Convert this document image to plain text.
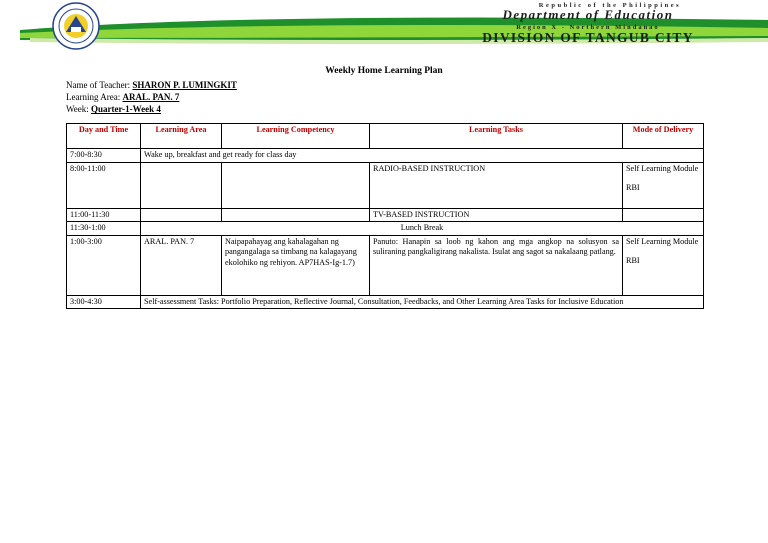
Republic of the Philippines
Department of Education
Region X - Northern Mindanao
DIVISION OF TANGUB CITY
Weekly Home Learning Plan
Name of Teacher: SHARON P. LUMINGKIT
Learning Area: ARAL. PAN. 7
Week: Quarter-1-Week 4
Day and Time	Learning Area	Learning Competency	Learning Tasks	Mode of Delivery
7:00-8:30	Wake up, breakfast and get ready for class day			
8:00-11:00			RADIO-BASED INSTRUCTION	Self Learning Module
RBI

11:00-11:30			TV-BASED INSTRUCTION	
11:30-1:00	Lunch Break			
1:00-3:00	ARAL. PAN. 7	Naipapahayag ang kahalagahan ng pangangalaga sa timbang na kalagayang ekolohiko ng rehiyon. AP7HAS-Ig-1.7)	Panuto: Hanapin sa loob ng kahon ang mga angkop na solusyon sa suliraning pangkaligirang nakalista. Isulat ang sagot sa nakalaang patlang.	Self Learning Module
RBI

3:00-4:30	Self-assessment Tasks: Portfolio Preparation, Reflective Journal, Consultation, Feedbacks, and Other Learning Area Tasks for Inclusive Education			
